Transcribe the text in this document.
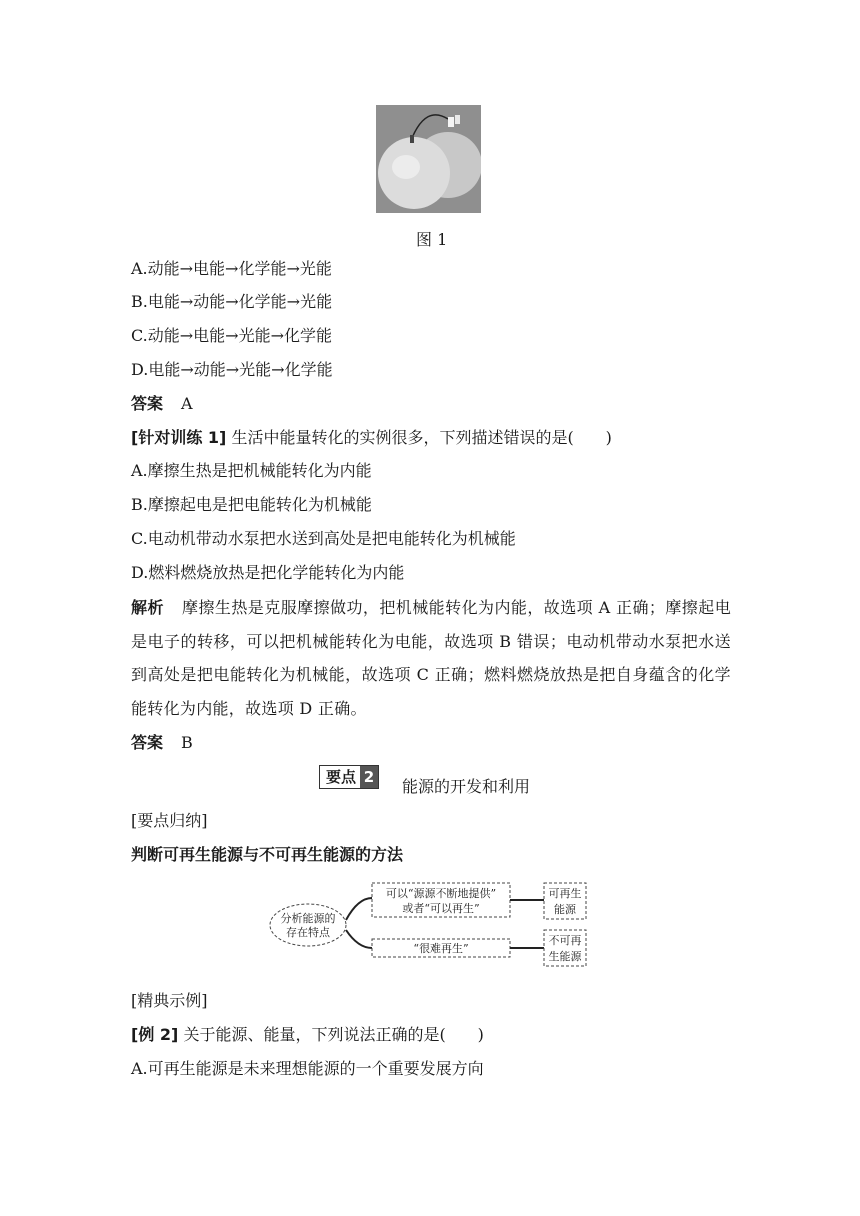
图 1
A.动能→电能→化学能→光能
B.电能→动能→化学能→光能
C.动能→电能→光能→化学能
D.电能→动能→光能→化学能
答案 A
[针对训练 1] 生活中能量转化的实例很多，下列描述错误的是(　　)
A.摩擦生热是把机械能转化为内能
B.摩擦起电是把电能转化为机械能
C.电动机带动水泵把水送到高处是把电能转化为机械能
D.燃料燃烧放热是把化学能转化为内能
解析 摩擦生热是克服摩擦做功，把机械能转化为内能，故选项 A 正确；摩擦起电是电子的转移，可以把机械能转化为电能，故选项 B 错误；电动机带动水泵把水送到高处是把电能转化为机械能，故选项 C 正确；燃料燃烧放热是把自身蕴含的化学能转化为内能，故选项 D 正确。
答案 B
要点 2 能源的开发和利用
[要点归纳]
判断可再生能源与不可再生能源的方法
分析能源的
存在特点
可以“源源不断地提供”
或者“可以再生”
“很难再生”
可再生
能源
不可再
生能源
[精典示例]
[例 2] 关于能源、能量，下列说法正确的是(　　)
A.可再生能源是未来理想能源的一个重要发展方向
